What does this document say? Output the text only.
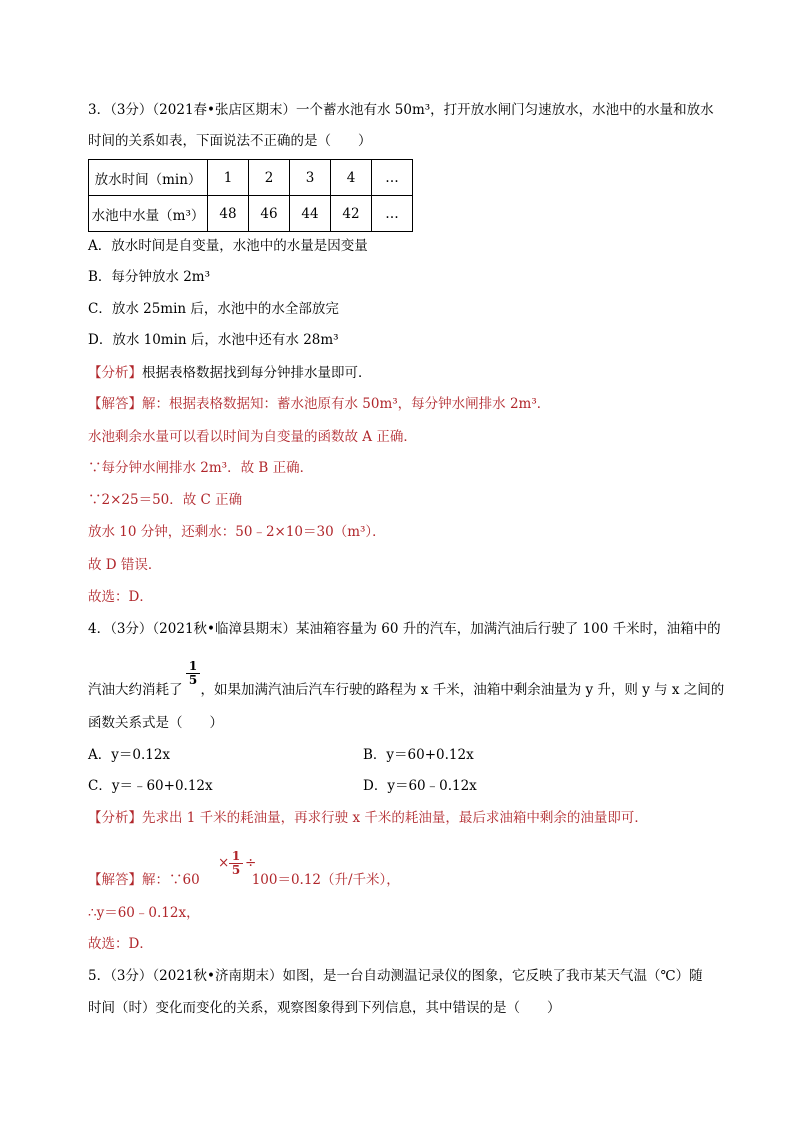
3．（3分）（2021春•张店区期末）一个蓄水池有水 50m³，打开放水闸门匀速放水，水池中的水量和放水
时间的关系如表，下面说法不正确的是（　　）
放水时间（min）	1	2	3	4	…
水池中水量（m³）	48	46	44	42	…
A．放水时间是自变量，水池中的水量是因变量
B．每分钟放水 2m³
C．放水 25min 后，水池中的水全部放完
D．放水 10min 后，水池中还有水 28m³
【分析】根据表格数据找到每分钟排水量即可．
【解答】解：根据表格数据知：蓄水池原有水 50m³，每分钟水闸排水 2m³．
水池剩余水量可以看以时间为自变量的函数故 A 正确．
∵每分钟水闸排水 2m³．故 B 正确．
∵2×25＝50．故 C 正确
放水 10 分钟，还剩水：50﹣2×10＝30（m³）．
故 D 错误．
故选：D．
4．（3分）（2021秋•临漳县期末）某油箱容量为 60 升的汽车，加满汽油后行驶了 100 千米时，油箱中的
$\frac{1}{5}$
汽油大约消耗了 ，如果加满汽油后汽车行驶的路程为 x 千米，油箱中剩余油量为 y 升，则 y 与 x 之间的
函数关系式是（　　）
A．y＝0.12x	B．y＝60+0.12x
C．y＝﹣60+0.12x	D．y＝60﹣0.12x
【分析】先求出 1 千米的耗油量，再求行驶 x 千米的耗油量，最后求油箱中剩余的油量即可．
× $\frac{1}{5}$ ÷
【解答】解：∵60	100＝0.12（升/千米），
∴y＝60﹣0.12x，
故选：D．
5．（3分）（2021秋•济南期末）如图，是一台自动测温记录仪的图象，它反映了我市某天气温（℃）随
时间（时）变化而变化的关系，观察图象得到下列信息，其中错误的是（　　）
